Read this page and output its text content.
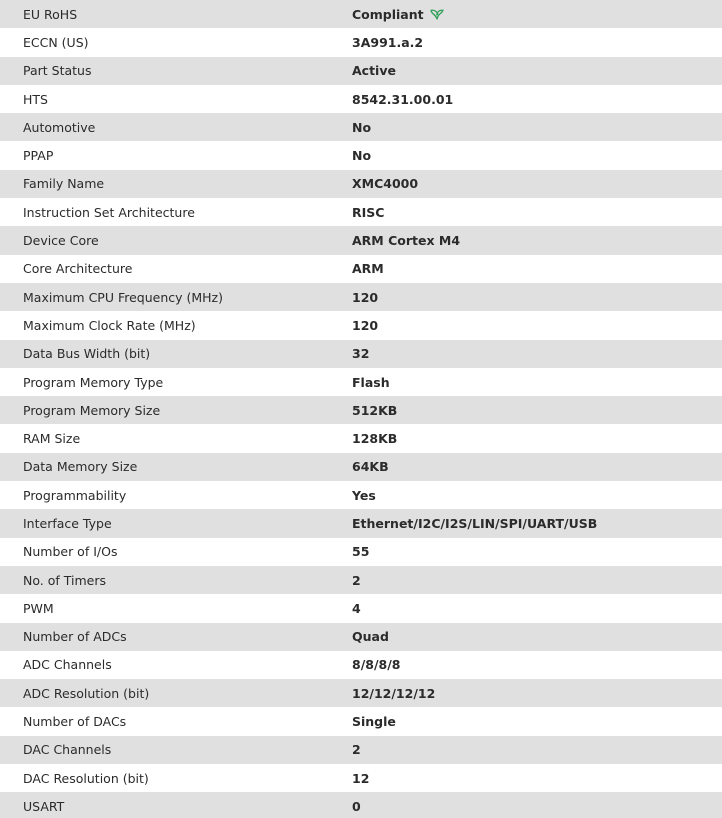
EU RoHS	Compliant
ECCN (US)	3A991.a.2
Part Status	Active
HTS	8542.31.00.01
Automotive	No
PPAP	No
Family Name	XMC4000
Instruction Set Architecture	RISC
Device Core	ARM Cortex M4
Core Architecture	ARM
Maximum CPU Frequency (MHz)	120
Maximum Clock Rate (MHz)	120
Data Bus Width (bit)	32
Program Memory Type	Flash
Program Memory Size	512KB
RAM Size	128KB
Data Memory Size	64KB
Programmability	Yes
Interface Type	Ethernet/I2C/I2S/LIN/SPI/UART/USB
Number of I/Os	55
No. of Timers	2
PWM	4
Number of ADCs	Quad
ADC Channels	8/8/8/8
ADC Resolution (bit)	12/12/12/12
Number of DACs	Single
DAC Channels	2
DAC Resolution (bit)	12
USART	0
